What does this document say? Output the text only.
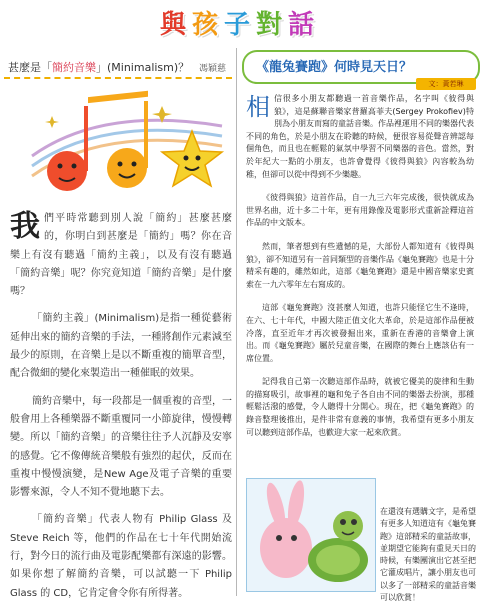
與孩子對話
甚麼是「簡約音樂」(Minimalism)？ 馮穎慈

我們平時常聽到別人說「簡約」甚麼甚麼的，你明白到甚麼是「簡約」嗎？你在音樂上有沒有聽過「簡約主義」，以及有沒有聽過「簡約音樂」呢？你究竟知道「簡約音樂」是什麼嗎？

「簡約主義」(Minimalism)是指一種從藝術延伸出來的簡約音樂的手法，一種將創作元素減至最少的原則，在音樂上是以不斷重複的簡單音型，配合微細的變化來製造出一種催眠的效果。

簡約音樂中，每一段都是一個重複的音型，一般會用上各種樂器不斷重覆同一小節旋律，慢慢轉變。所以「簡約音樂」的音樂往往予人沉靜及安寧的感覺。它不像傳統音樂般有強烈的起伏，反而在重複中慢慢演變，是New Age及電子音樂的重要影響來源，令人不知不覺地聽下去。

「簡約音樂」代表人物有 Philip Glass 及 Steve Reich 等，他們的作品在七十年代開始流行，對今日的流行曲及電影配樂都有深遠的影響。如果你想了解簡約音樂，可以試聽一下 Philip Glass 的 CD，它肯定會令你有所得著。

《龍兔賽跑》何時見天日？
文：黃若琳

相信很多小朋友都聽過一首音樂作品，名字叫《彼得與狼》，這是蘇聯音樂家普羅高菲夫(Sergey Prokofiev)特別為小朋友而寫的童話音樂。作品裡運用不同的樂器代表不同的角色，於是小朋友在聆聽的時候，便很容易從聲音辨認每個角色，而且也在輕鬆的氣氛中學習不同樂器的音色。當然，對於年紀大一點的小朋友，也許會覺得《彼得與狼》內容較為幼稚，但卻可以從中得到不少樂趣。

《彼得與狼》這首作品，自一九三六年完成後，很快就成為世界名曲，近十多二十年，更有用錄像及電影形式重新詮釋這首作品的中文版本。

然而，筆者想到有些遺憾的是，大部份人都知道有《彼得與狼》，卻不知道另有一首同類型的音樂作品《龜兔賽跑》也是十分精采有趣的，雖然如此，這部《龜兔賽跑》還是中國音樂家史賓索在一九六零年左右寫成的。

這部《龜兔賽跑》沒甚麼人知道，也許只能怪它生不逢時，在六、七十年代，中國大陸正值文化大革命，於是這部作品便被冷落，直至近年才再次被發掘出來，重新在香港的音樂會上演出。而《龜兔賽跑》屬於兒童音樂，在國際的舞台上應該佔有一席位置。

記得我自己第一次聽這部作品時，就被它優美的旋律和生動的描寫吸引，故事裡的龜和兔子各自由不同的樂器去扮演，那種輕鬆活潑的感覺，令人聽得十分開心。現在，把《龜兔賽跑》的錄音整理後推出，是件非常有意義的事情，我希望有更多小朋友可以聽到這部作品，也歡迎大家一起來欣賞。

在還沒有選購文字，是希望有更多人知道這有《龜兔賽跑》這部精采的童話故事，並期望它能夠有重見天日的時候，有樂團演出它甚至把它灌成唱片，讓小朋友也可以多了一部精采的童話音樂可以欣賞！
